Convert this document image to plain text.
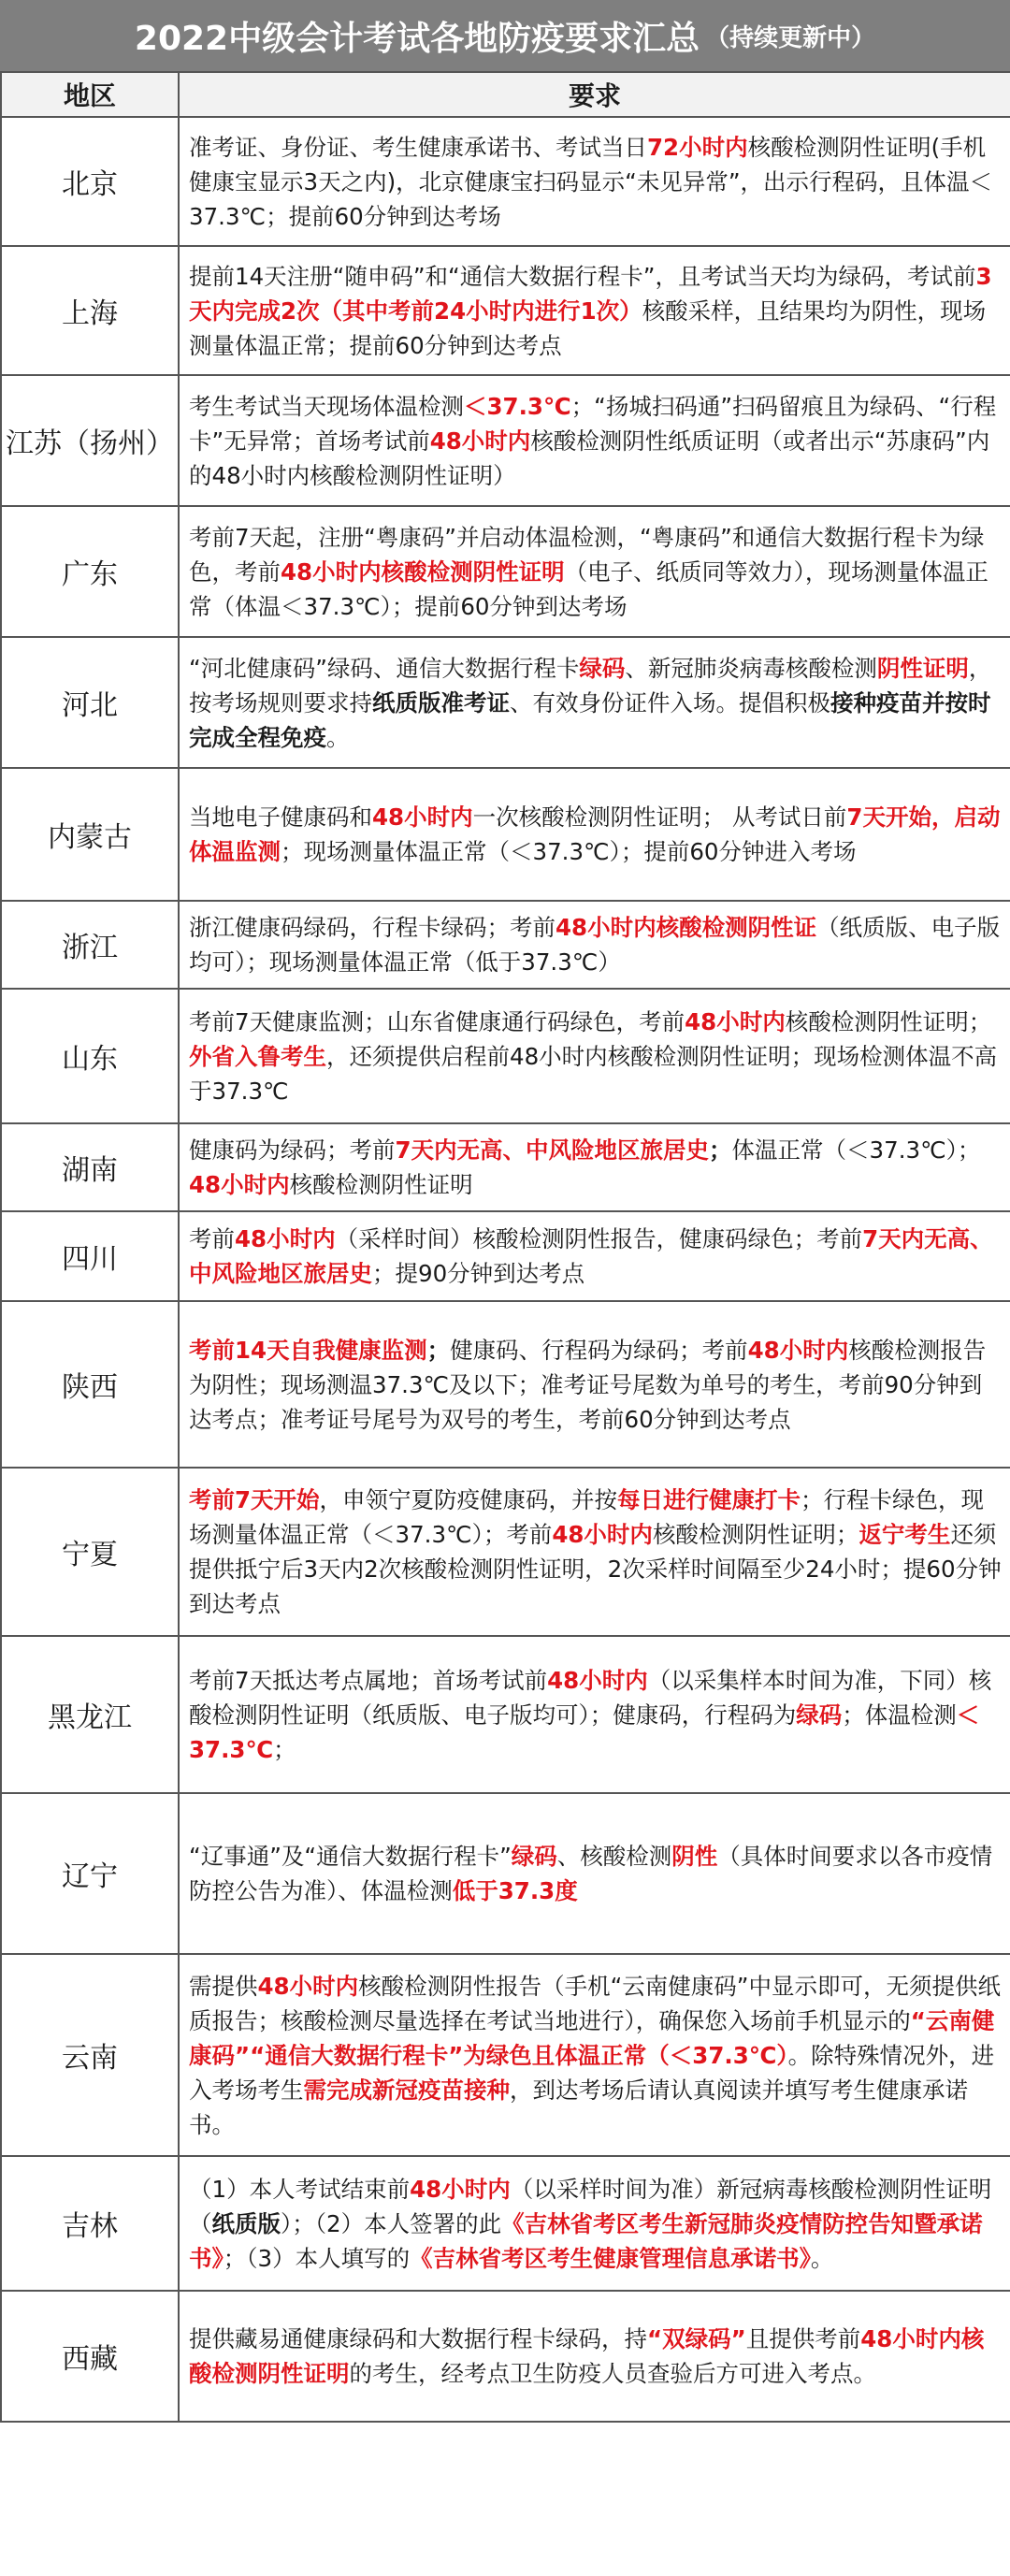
2022中级会计考试各地防疫要求汇总 （持续更新中）
地区	要求
北京	准考证、身份证、考生健康承诺书、考试当日72小时内核酸检测阴性证明(手机健康宝显示3天之内)，北京健康宝扫码显示“未见异常”，出示行程码，且体温＜37.3℃；提前60分钟到达考场
上海	提前14天注册“随申码”和“通信大数据行程卡”，且考试当天均为绿码，考试前3天内完成2次（其中考前24小时内进行1次）核酸采样，且结果均为阴性，现场测量体温正常；提前60分钟到达考点
江苏（扬州）	考生考试当天现场体温检测＜37.3℃；“扬城扫码通”扫码留痕且为绿码、“行程卡”无异常；首场考试前48小时内核酸检测阴性纸质证明（或者出示“苏康码”内的48小时内核酸检测阴性证明）
广东	考前7天起，注册“粤康码”并启动体温检测，“粤康码”和通信大数据行程卡为绿色，考前48小时内核酸检测阴性证明（电子、纸质同等效力），现场测量体温正常（体温＜37.3℃）；提前60分钟到达考场
河北	“河北健康码”绿码、通信大数据行程卡绿码、新冠肺炎病毒核酸检测阴性证明，按考场规则要求持纸质版准考证、有效身份证件入场。提倡积极接种疫苗并按时完成全程免疫。
内蒙古	当地电子健康码和48小时内一次核酸检测阴性证明； 从考试日前7天开始，启动体温监测；现场测量体温正常（＜37.3℃）；提前60分钟进入考场
浙江	浙江健康码绿码，行程卡绿码；考前48小时内核酸检测阴性证（纸质版、电子版均可）；现场测量体温正常（低于37.3℃）
山东	考前7天健康监测；山东省健康通行码绿色，考前48小时内核酸检测阴性证明；外省入鲁考生，还须提供启程前48小时内核酸检测阴性证明；现场检测体温不高于37.3℃
湖南	健康码为绿码；考前7天内无高、中风险地区旅居史；体温正常（＜37.3℃）；48小时内核酸检测阴性证明
四川	考前48小时内（采样时间）核酸检测阴性报告，健康码绿色；考前7天内无高、中风险地区旅居史；提90分钟到达考点
陕西	考前14天自我健康监测；健康码、行程码为绿码；考前48小时内核酸检测报告为阴性；现场测温37.3℃及以下；准考证号尾数为单号的考生，考前90分钟到达考点；准考证号尾号为双号的考生，考前60分钟到达考点
宁夏	考前7天开始，申领宁夏防疫健康码，并按每日进行健康打卡；行程卡绿色，现场测量体温正常（＜37.3℃）；考前48小时内核酸检测阴性证明；返宁考生还须提供抵宁后3天内2次核酸检测阴性证明，2次采样时间隔至少24小时；提60分钟到达考点
黑龙江	考前7天抵达考点属地；首场考试前48小时内（以采集样本时间为准，下同）核酸检测阴性证明（纸质版、电子版均可）；健康码，行程码为绿码；体温检测＜37.3℃；
辽宁	“辽事通”及“通信大数据行程卡”绿码、核酸检测阴性（具体时间要求以各市疫情防控公告为准）、体温检测低于37.3度
云南	需提供48小时内核酸检测阴性报告（手机“云南健康码”中显示即可，无须提供纸质报告；核酸检测尽量选择在考试当地进行），确保您入场前手机显示的“云南健康码”“通信大数据行程卡”为绿色且体温正常（＜37.3℃）。除特殊情况外，进入考场考生需完成新冠疫苗接种，到达考场后请认真阅读并填写考生健康承诺书。
吉林	（1）本人考试结束前48小时内（以采样时间为准）新冠病毒核酸检测阴性证明（纸质版）；（2）本人签署的此《吉林省考区考生新冠肺炎疫情防控告知暨承诺书》；（3）本人填写的《吉林省考区考生健康管理信息承诺书》。
西藏	提供藏易通健康绿码和大数据行程卡绿码，持“双绿码”且提供考前48小时内核酸检测阴性证明的考生，经考点卫生防疫人员查验后方可进入考点。
